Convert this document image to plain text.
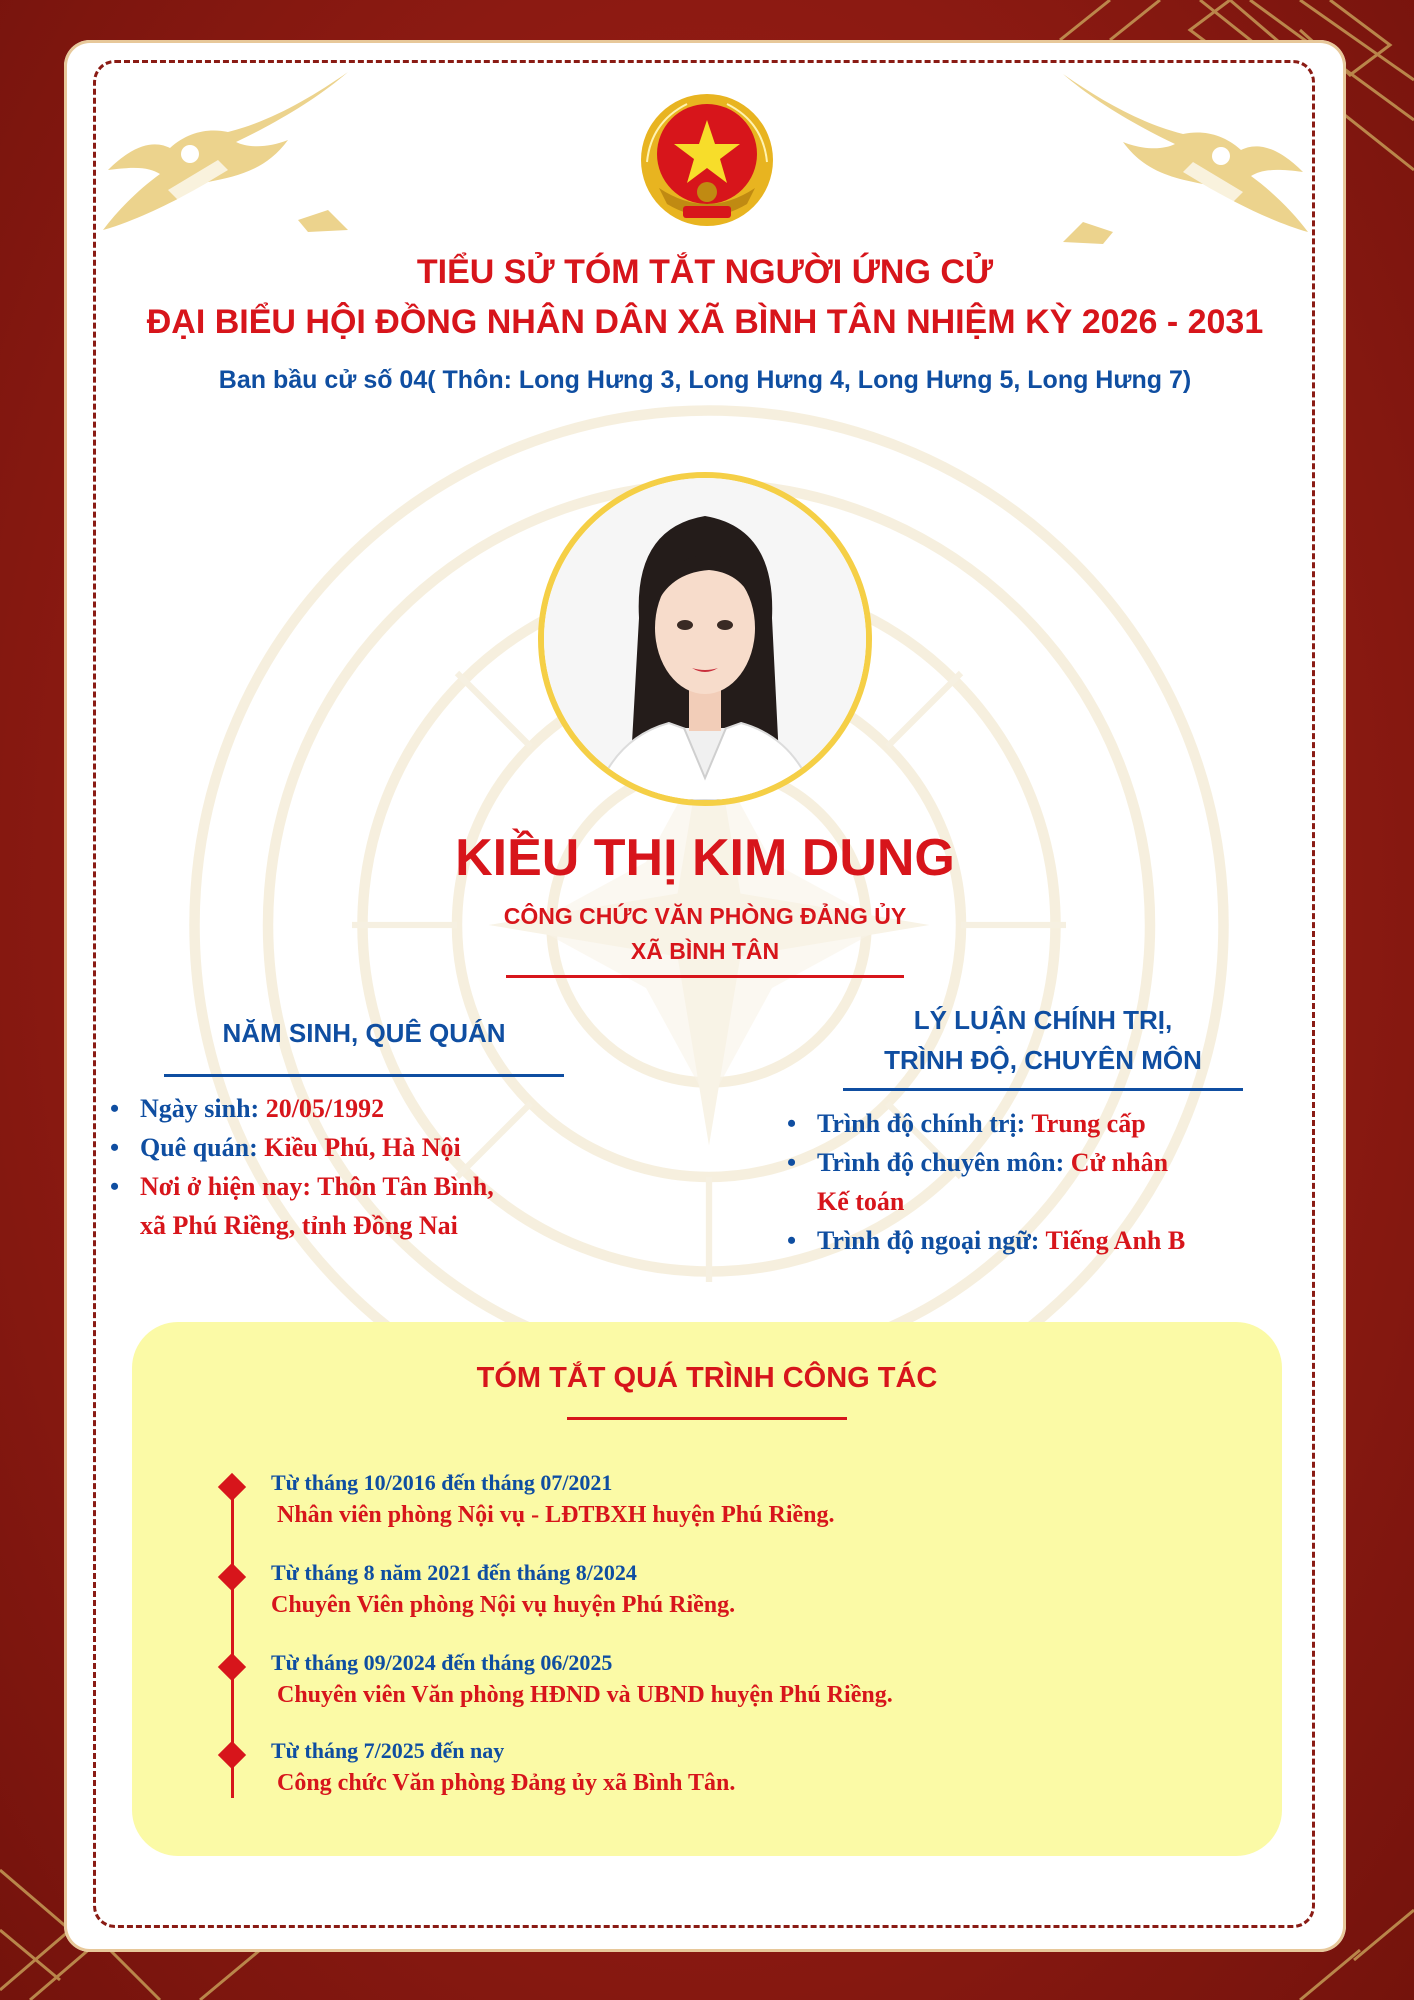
TIỂU SỬ TÓM TẮT NGƯỜI ỨNG CỬ
ĐẠI BIỂU HỘI ĐỒNG NHÂN DÂN XÃ BÌNH TÂN NHIỆM KỲ 2026 - 2031
Ban bầu cử số 04( Thôn: Long Hưng 3, Long Hưng 4, Long Hưng 5, Long Hưng 7)
KIỀU THỊ KIM DUNG
CÔNG CHỨC VĂN PHÒNG ĐẢNG ỦY
XÃ BÌNH TÂN
NĂM SINH, QUÊ QUÁN
• Ngày sinh: 20/05/1992
• Quê quán: Kiều Phú, Hà Nội
• Nơi ở hiện nay: Thôn Tân Bình,
xã Phú Riềng, tỉnh Đồng Nai
LÝ LUẬN CHÍNH TRỊ,
TRÌNH ĐỘ, CHUYÊN MÔN
• Trình độ chính trị: Trung cấp
• Trình độ chuyên môn: Cử nhân
Kế toán
• Trình độ ngoại ngữ: Tiếng Anh B
TÓM TẮT QUÁ TRÌNH CÔNG TÁC
Từ tháng 10/2016 đến tháng 07/2021
Nhân viên phòng Nội vụ - LĐTBXH huyện Phú Riềng.
Từ tháng 8 năm 2021 đến tháng 8/2024
Chuyên Viên phòng Nội vụ huyện Phú Riềng.
Từ tháng 09/2024 đến tháng 06/2025
Chuyên viên Văn phòng HĐND và UBND huyện Phú Riềng.
Từ tháng 7/2025 đến nay
Công chức Văn phòng Đảng ủy xã Bình Tân.
